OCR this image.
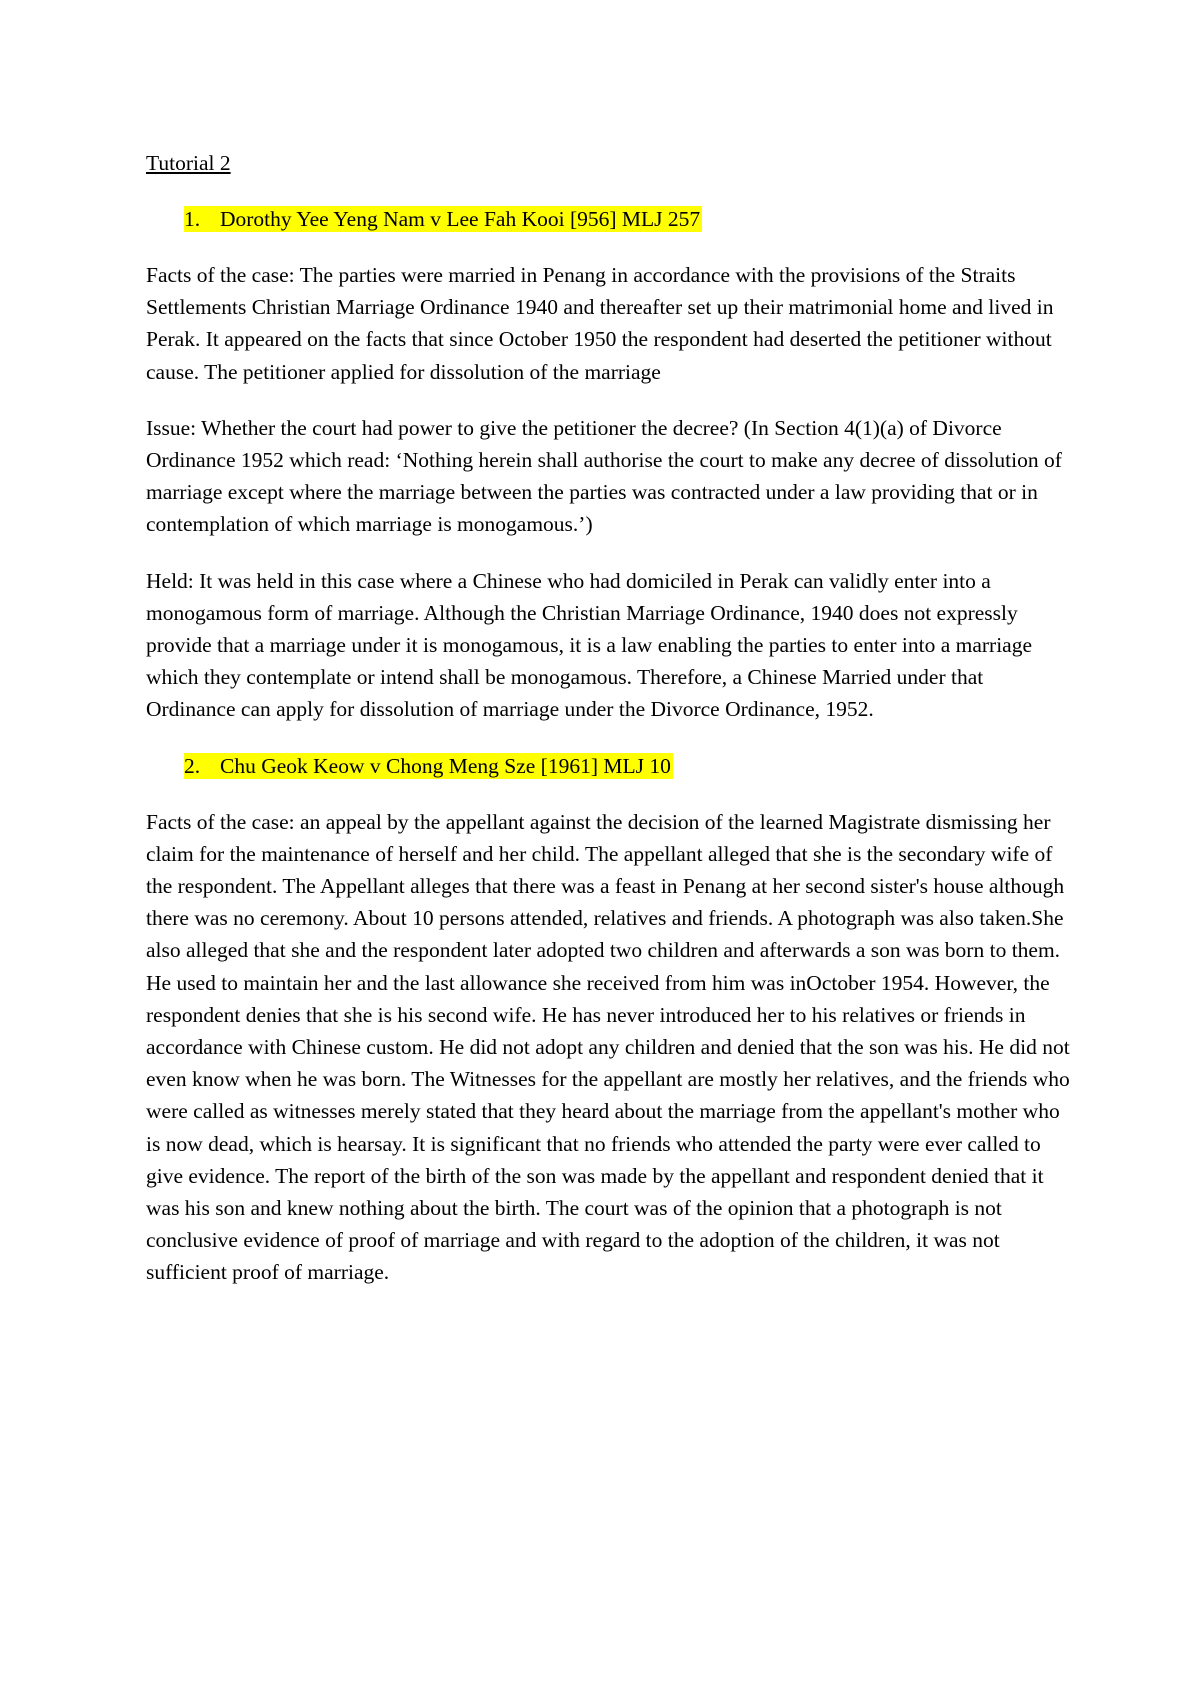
Tutorial 2
1. Dorothy Yee Yeng Nam v Lee Fah Kooi [956] MLJ 257

Facts of the case: The parties were married in Penang in accordance with the provisions of the Straits Settlements Christian Marriage Ordinance 1940 and thereafter set up their matrimonial home and lived in Perak. It appeared on the facts that since October 1950 the respondent had deserted the petitioner without cause. The petitioner applied for dissolution of the marriage

Issue: Whether the court had power to give the petitioner the decree? (In Section 4(1)(a) of Divorce Ordinance 1952 which read: ‘Nothing herein shall authorise the court to make any decree of dissolution of marriage except where the marriage between the parties was contracted under a law providing that or in contemplation of which marriage is monogamous.’)

Held: It was held in this case where a Chinese who had domiciled in Perak can validly enter into a monogamous form of marriage. Although the Christian Marriage Ordinance, 1940 does not expressly provide that a marriage under it is monogamous, it is a law enabling the parties to enter into a marriage which they contemplate or intend shall be monogamous. Therefore, a Chinese Married under that Ordinance can apply for dissolution of marriage under the Divorce Ordinance, 1952.

2. Chu Geok Keow v Chong Meng Sze [1961] MLJ 10

Facts of the case: an appeal by the appellant against the decision of the learned Magistrate dismissing her claim for the maintenance of herself and her child. The appellant alleged that she is the secondary wife of the respondent. The Appellant alleges that there was a feast in Penang at her second sister's house although there was no ceremony. About 10 persons attended, relatives and friends. A photograph was also taken.She also alleged that she and the respondent later adopted two children and afterwards a son was born to them. He used to maintain her and the last allowance she received from him was inOctober 1954. However, the respondent denies that she is his second wife. He has never introduced her to his relatives or friends in accordance with Chinese custom. He did not adopt any children and denied that the son was his. He did not even know when he was born. The Witnesses for the appellant are mostly her relatives, and the friends who were called as witnesses merely stated that they heard about the marriage from the appellant's mother who is now dead, which is hearsay. It is significant that no friends who attended the party were ever called to give evidence. The report of the birth of the son was made by the appellant and respondent denied that it was his son and knew nothing about the birth. The court was of the opinion that a photograph is not conclusive evidence of proof of marriage and with regard to the adoption of the children, it was not sufficient proof of marriage.
